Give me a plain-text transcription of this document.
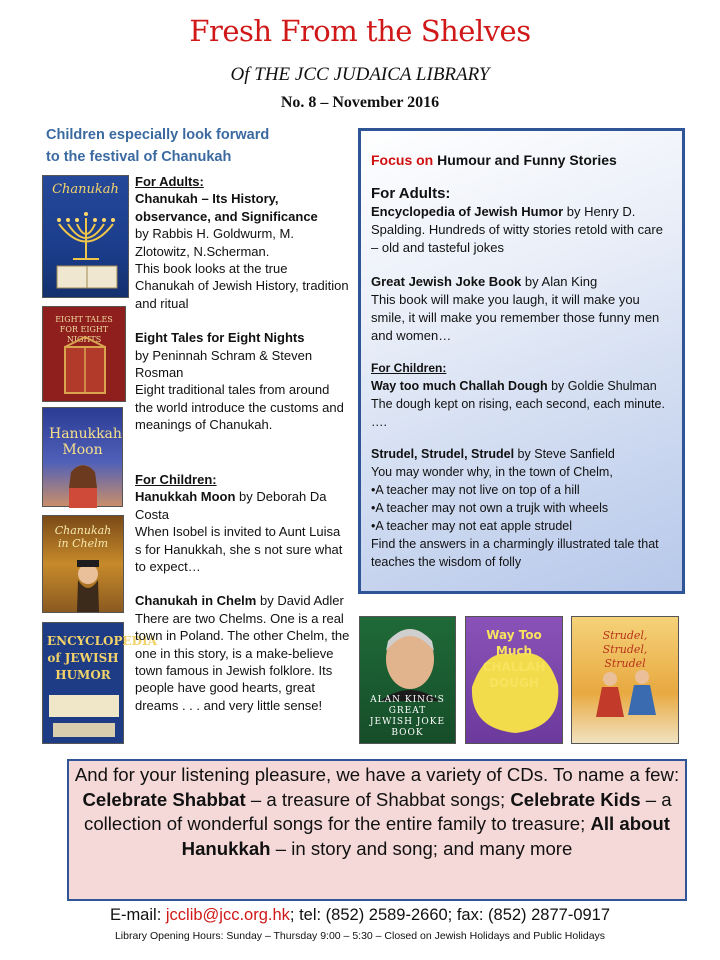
Fresh From the Shelves
Of THE JCC JUDAICA LIBRARY
No. 8 – November 2016
Children especially look forward
to the festival of Chanukah
Chanukah
EIGHT TALES FOR EIGHT NIGHTS
Hanukkah Moon
Chanukah in Chelm
ENCYCLOPEDIA of JEWISH HUMOR
For Adults:
Chanukah – Its History, observance, and Significance
by Rabbis H. Goldwurm, M. Zlotowitz, N.Scherman.
This book looks at the true Chanukah of Jewish History, tradition and ritual
Eight Tales for Eight Nights
by Peninnah Schram & Steven Rosman
Eight traditional tales from around the world introduce the customs and meanings of Chanukah.
For Children:
Hanukkah Moon by Deborah Da Costa
When Isobel is invited to Aunt Luisa s for Hanukkah, she s not sure what to expect…
Chanukah in Chelm by David Adler
There are two Chelms. One is a real town in Poland. The other Chelm, the one in this story, is a make-believe town famous in Jewish folklore. Its people have good hearts, great dreams . . . and very little sense!
Focus on Humour and Funny Stories
For Adults:
Encyclopedia of Jewish Humor by Henry D. Spalding. Hundreds of witty stories retold with care – old and tasteful jokes
Great Jewish Joke Book by Alan King
This book will make you laugh, it will make you smile, it will make you remember those funny men and women…
For Children:
Way too much Challah Dough by Goldie Shulman
The dough kept on rising, each second, each minute. ….
Strudel, Strudel, Strudel by Steve Sanfield
You may wonder why, in the town of Chelm,
•A teacher may not live on top of a hill
•A teacher may not own a trujk with wheels
•A teacher may not eat apple strudel
Find the answers in a charmingly illustrated tale that teaches the wisdom of folly
ALAN KING'S GREAT JEWISH JOKE BOOK
Way Too Much CHALLAH DOUGH
Strudel, Strudel, Strudel
And for your listening pleasure, we have a variety of CDs. To name a few: Celebrate Shabbat – a treasure of Shabbat songs; Celebrate Kids – a collection of wonderful songs for the entire family to treasure; All about Hanukkah – in story and song; and many more
E-mail: jcclib@jcc.org.hk; tel: (852) 2589-2660; fax: (852) 2877-0917
Library Opening Hours: Sunday – Thursday 9:00 – 5:30 – Closed on Jewish Holidays and Public Holidays
